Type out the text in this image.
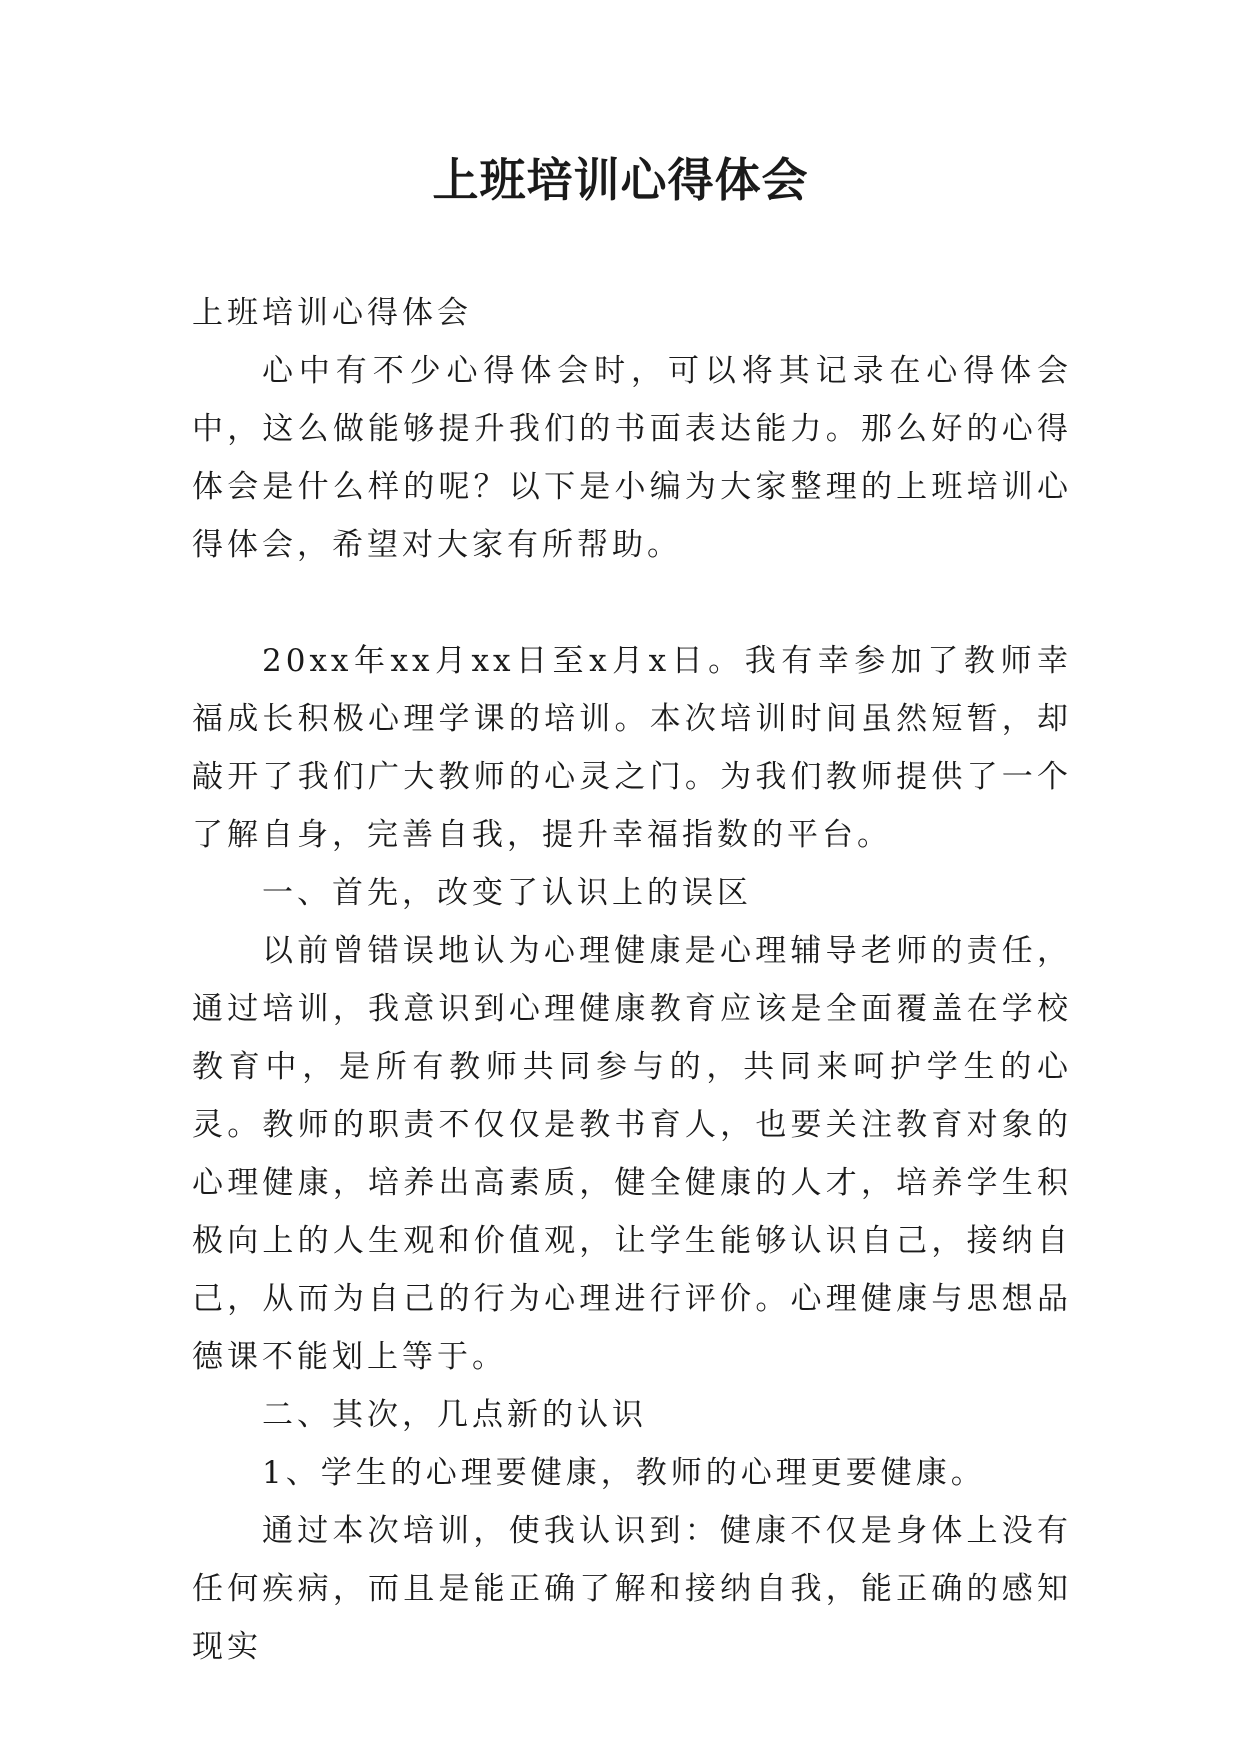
上班培训心得体会

上班培训心得体会

心中有不少心得体会时，可以将其记录在心得体会中，这么做能够提升我们的书面表达能力。那么好的心得体会是什么样的呢？以下是小编为大家整理的上班培训心得体会，希望对大家有所帮助。

20xx年xx月xx日至x月x日。我有幸参加了教师幸福成长积极心理学课的培训。本次培训时间虽然短暂，却敲开了我们广大教师的心灵之门。为我们教师提供了一个了解自身，完善自我，提升幸福指数的平台。

一、首先，改变了认识上的误区

以前曾错误地认为心理健康是心理辅导老师的责任，通过培训，我意识到心理健康教育应该是全面覆盖在学校教育中，是所有教师共同参与的，共同来呵护学生的心灵。教师的职责不仅仅是教书育人，也要关注教育对象的心理健康，培养出高素质，健全健康的人才，培养学生积极向上的人生观和价值观，让学生能够认识自己，接纳自己，从而为自己的行为心理进行评价。心理健康与思想品德课不能划上等于。

二、其次，几点新的认识

1、学生的心理要健康，教师的心理更要健康。

通过本次培训，使我认识到：健康不仅是身体上没有任何疾病，而且是能正确了解和接纳自我，能正确的感知现实
